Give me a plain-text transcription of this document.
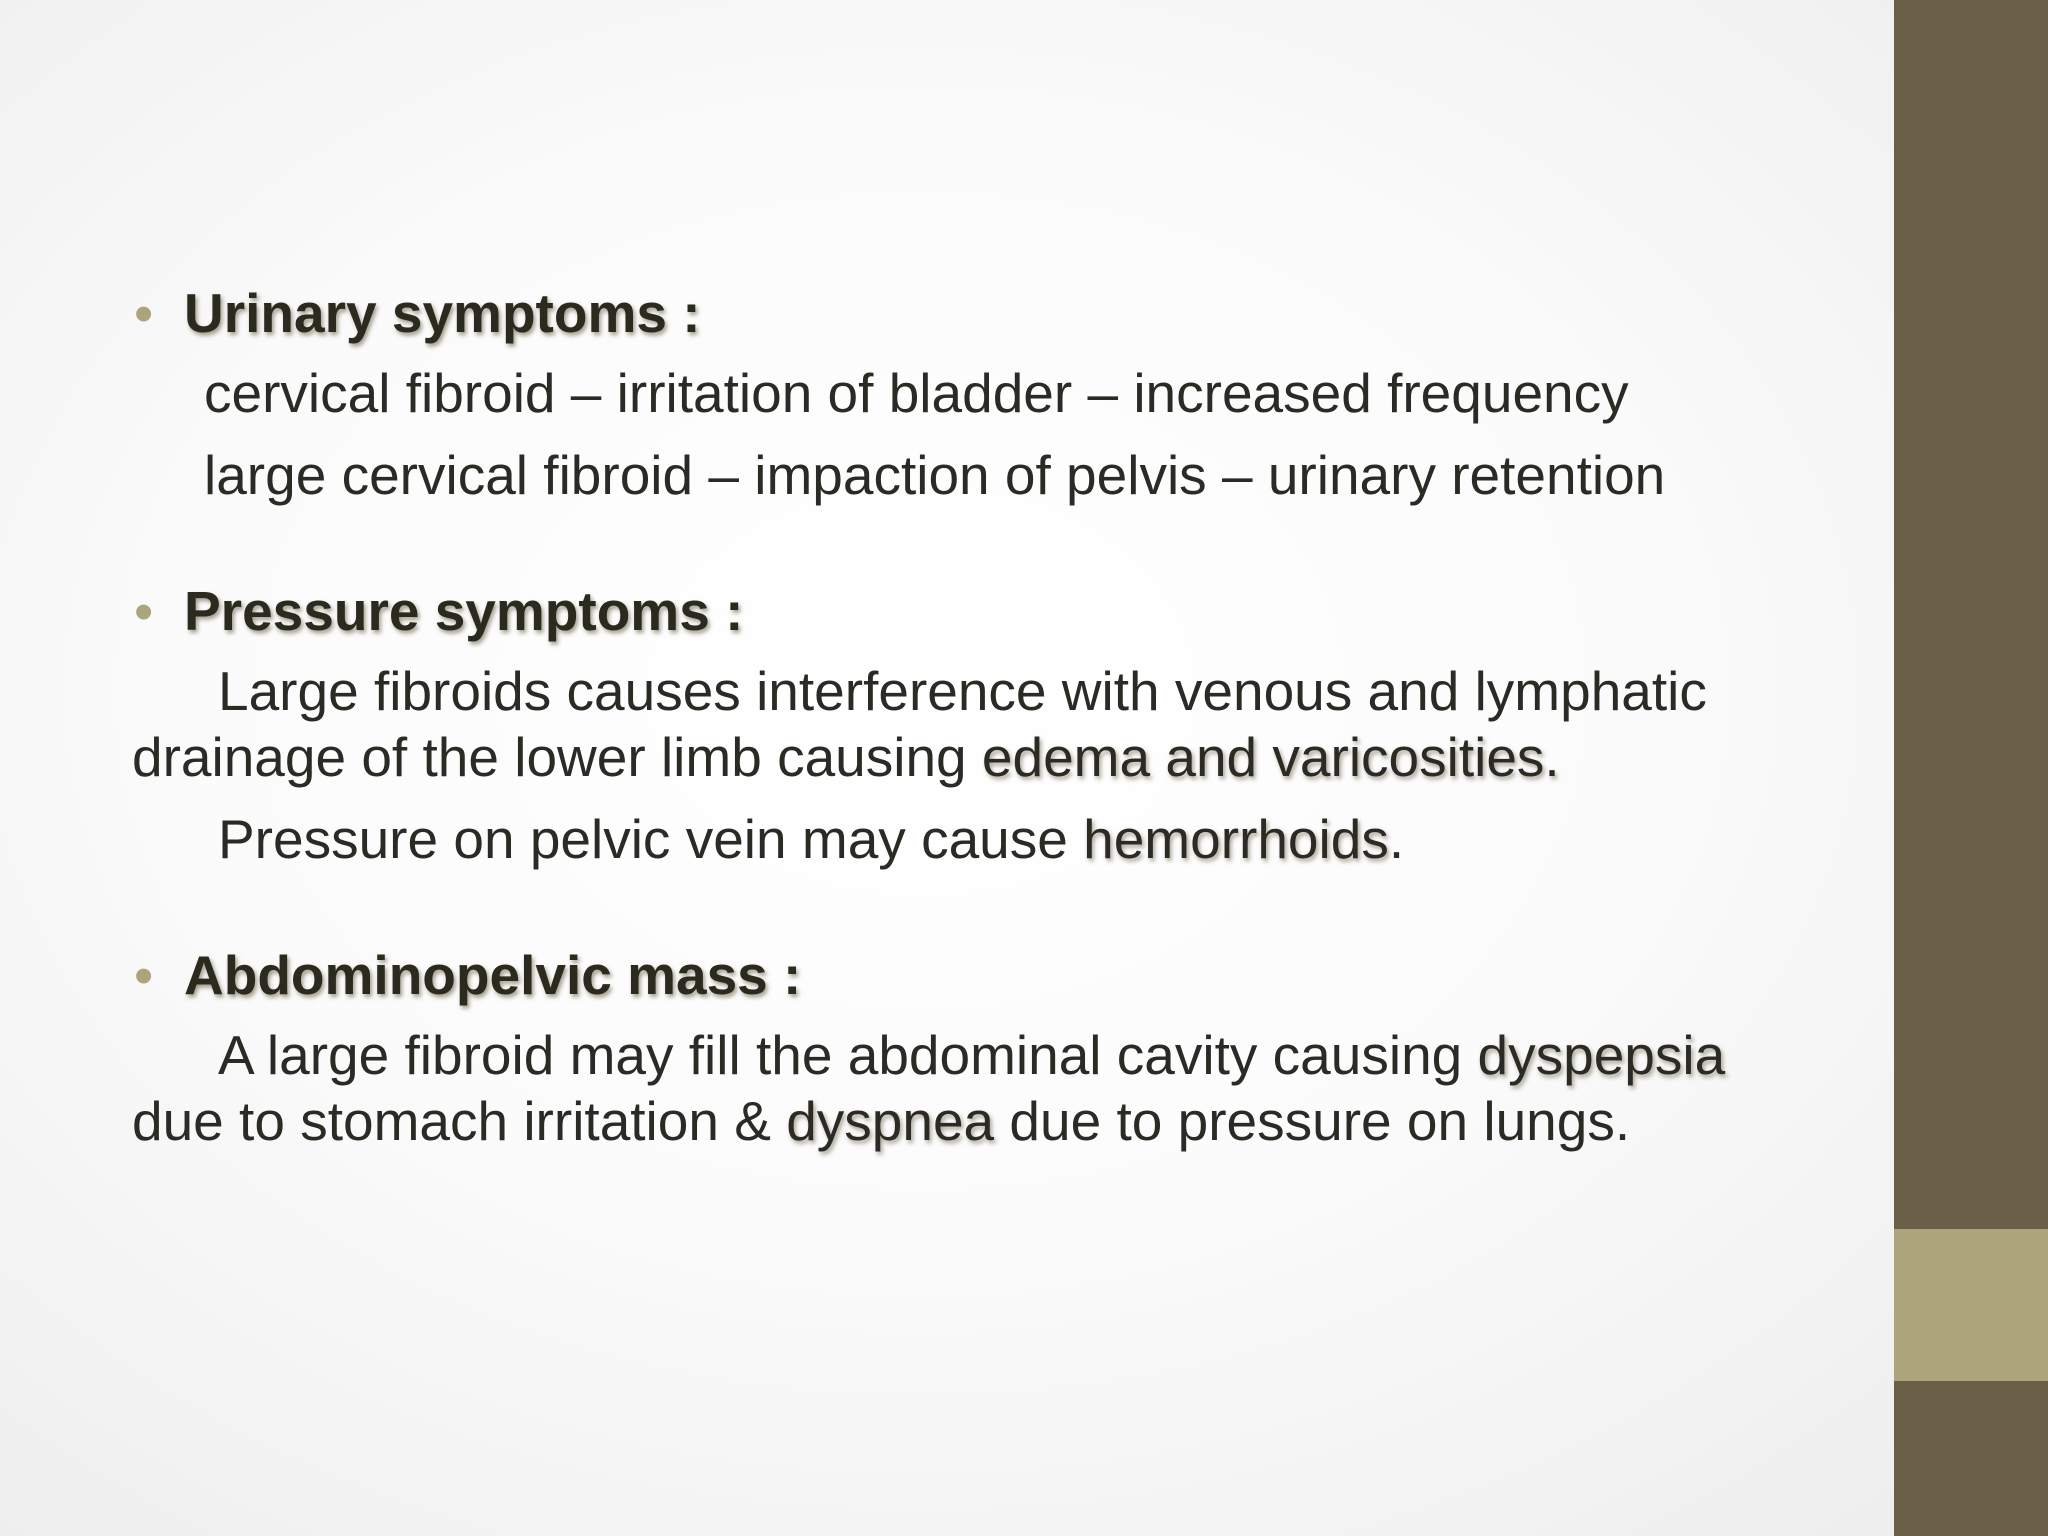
• Urinary symptoms :

cervical fibroid – irritation of bladder – increased frequency

large cervical fibroid – impaction of pelvis – urinary retention

• Pressure symptoms :

Large fibroids causes interference with venous and lymphatic drainage of the lower limb causing edema and varicosities.

Pressure on pelvic vein may cause hemorrhoids.

• Abdominopelvic mass :

A large fibroid may fill the abdominal cavity causing dyspepsia due to stomach irritation & dyspnea due to pressure on lungs.
